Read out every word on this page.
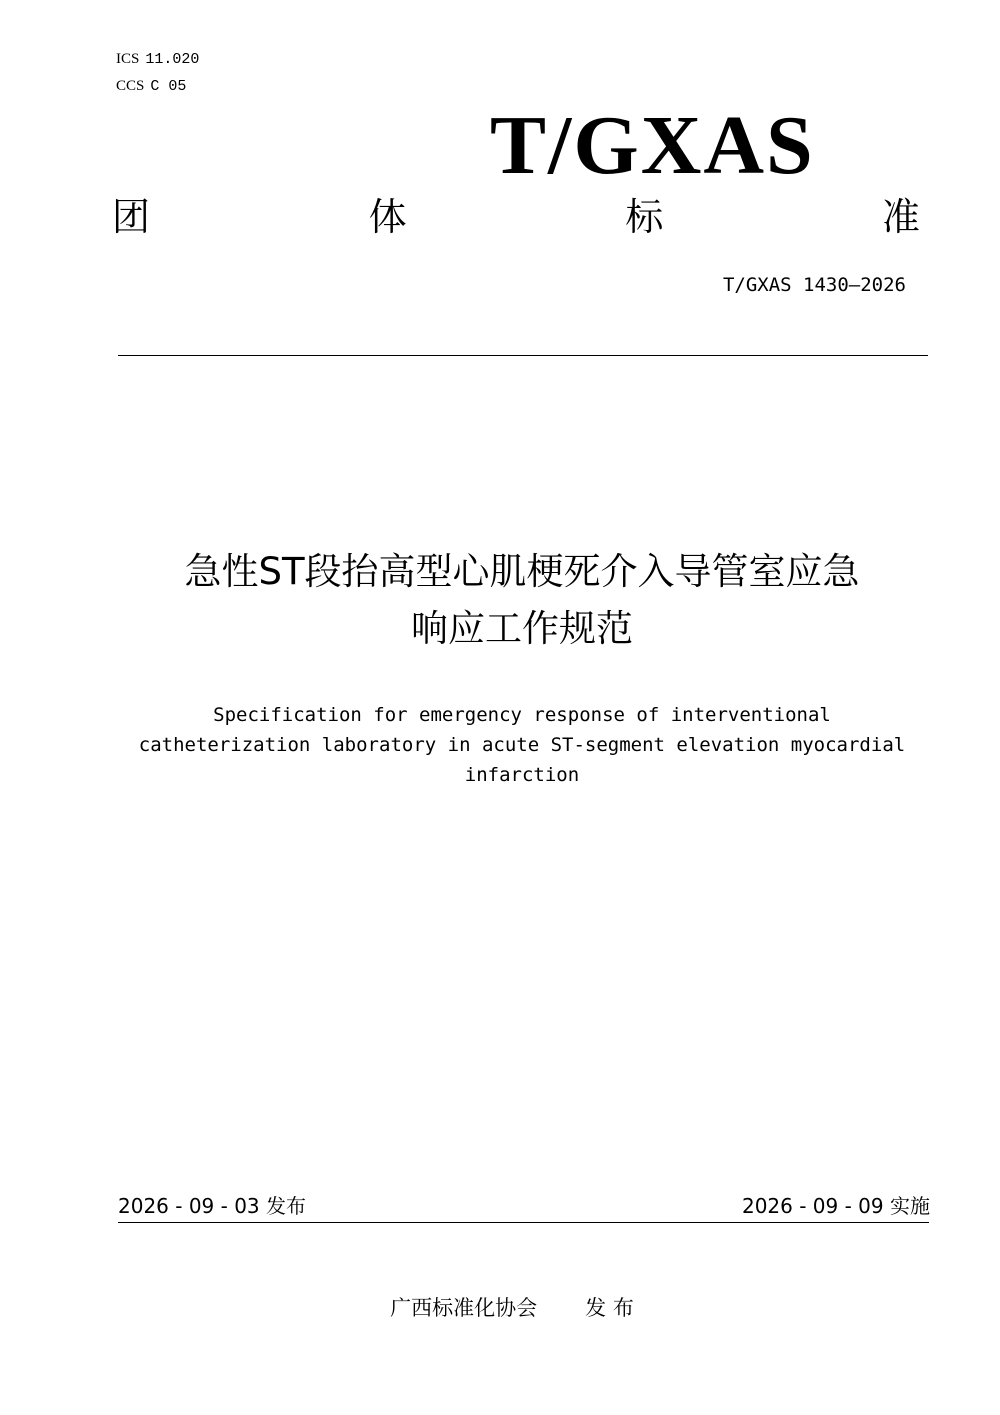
ICS 11.020
CCS C 05
T/GXAS
团	体	标	准
T/GXAS 1430—2026
急性ST段抬高型心肌梗死介入导管室应急
响应工作规范
Specification for emergency response of interventional
catheterization laboratory in acute ST-segment elevation myocardial
infarction
2026 - 09 - 03 发布	2026 - 09 - 09 实施
广西标准化协会 发 布
